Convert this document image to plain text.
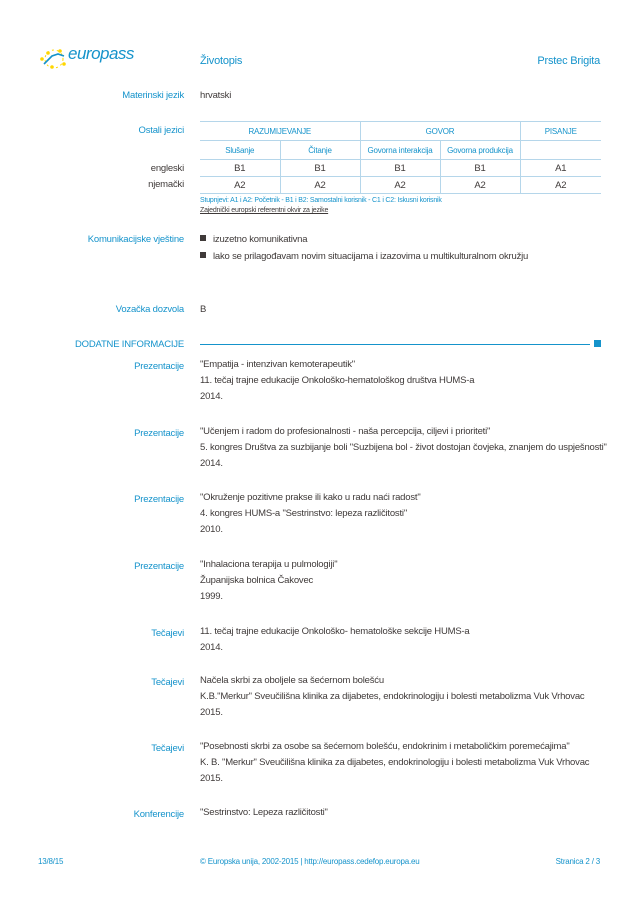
europass	Životopis	Prstec Brigita
Materinski jezik hrvatski
Ostali jezici
engleski
njemački
RAZUMIJEVANJE		GOVOR		PISANJE
Slušanje	Čitanje	Govorna interakcija	Govorna produkcija	
B1	B1	B1	B1	A1
A2	A2	A2	A2	A2
Stupnjevi: A1 i A2: Početnik - B1 i B2: Samostalni korisnik - C1 i C2: Iskusni korisnik
Zajednički europski referentni okvir za jezike
Komunikacijske vještine	izuzetno komunikativna
lako se prilagođavam novim situacijama i izazovima u multikulturalnom okružju
Vozačka dozvola B
DODATNE INFORMACIJE
Prezentacije "Empatija - intenzivan kemoterapeutik"
11. tečaj trajne edukacije Onkološko-hematološkog društva HUMS-a
2014.
Prezentacije "Učenjem i radom do profesionalnosti - naša percepcija, ciljevi i prioriteti"
5. kongres Društva za suzbijanje boli "Suzbijena bol - život dostojan čovjeka, znanjem do uspješnosti"
2014.
Prezentacije "Okruženje pozitivne prakse ili kako u radu naći radost"
4. kongres HUMS-a "Sestrinstvo: lepeza različitosti"
2010.
Prezentacije "Inhalaciona terapija u pulmologiji"
Županijska bolnica Čakovec
1999.
Tečajevi 11. tečaj trajne edukacije Onkološko- hematološke sekcije HUMS-a
2014.
Tečajevi Načela skrbi za oboljele sa šećernom bolešću
K.B."Merkur" Sveučilišna klinika za dijabetes, endokrinologiju i bolesti metabolizma Vuk Vrhovac
2015.
Tečajevi "Posebnosti skrbi za osobe sa šećernom bolešću, endokrinim i metaboličkim poremećajima"
K. B. "Merkur" Sveučilišna klinika za dijabetes, endokrinologiju i bolesti metabolizma Vuk Vrhovac
2015.
Konferencije "Sestrinstvo: Lepeza različitosti"
13/8/15	© Europska unija, 2002-2015 | http://europass.cedefop.europa.eu	Stranica 2 / 3
